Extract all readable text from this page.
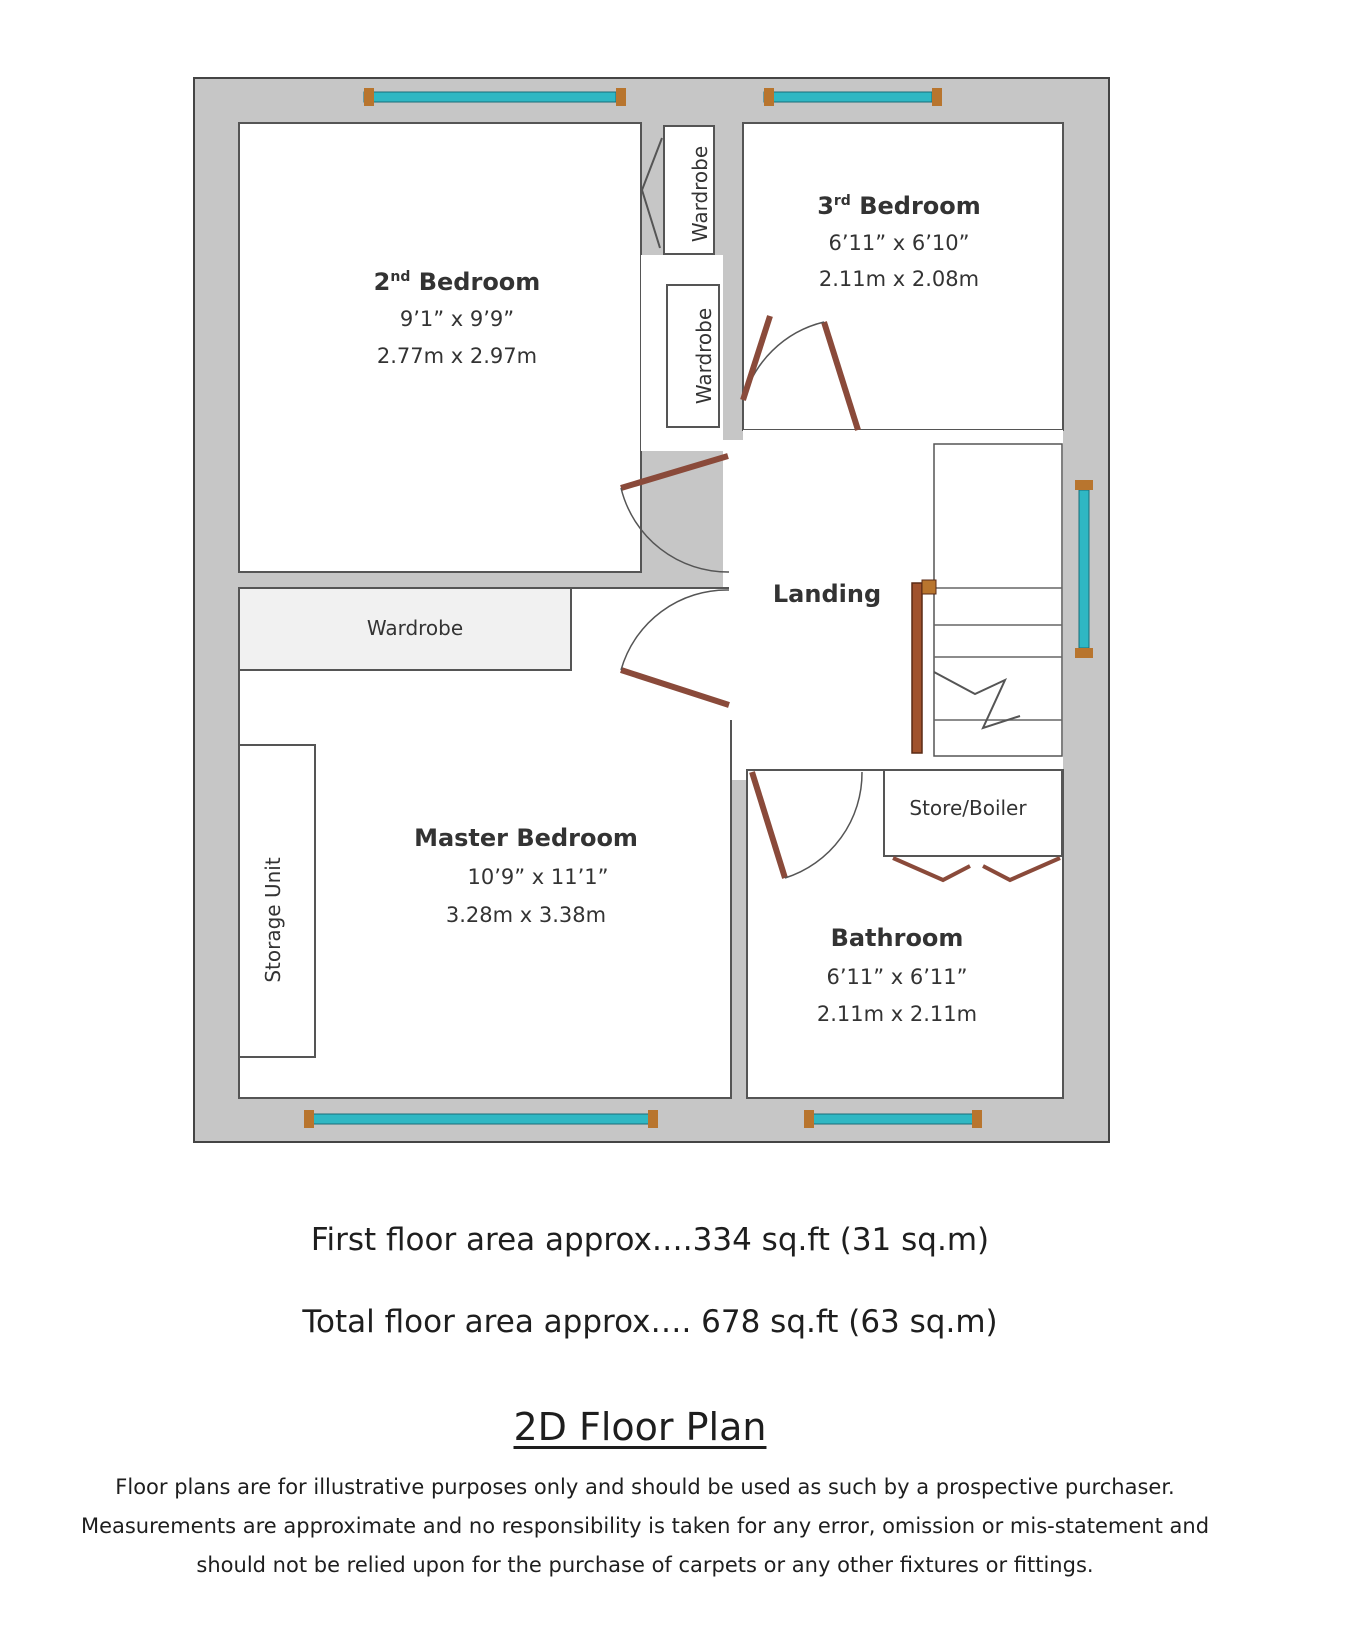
2nd Bedroom
9’1” x 9’9”
2.77m x 2.97m
3rd Bedroom
6’11” x 6’10”
2.11m x 2.08m
Landing
Master Bedroom
10’9” x 11’1”
3.28m x 3.38m
Bathroom
6’11” x 6’11”
2.11m x 2.11m
Wardrobe
Wardrobe
Wardrobe
Storage Unit
Store/Boiler
First floor area approx….334 sq.ft (31 sq.m)
Total floor area approx…. 678 sq.ft (63 sq.m)
2D Floor Plan
Floor plans are for illustrative purposes only and should be used as such by a prospective purchaser.
Measurements are approximate and no responsibility is taken for any error, omission or mis-statement and
should not be relied upon for the purchase of carpets or any other fixtures or fittings.
